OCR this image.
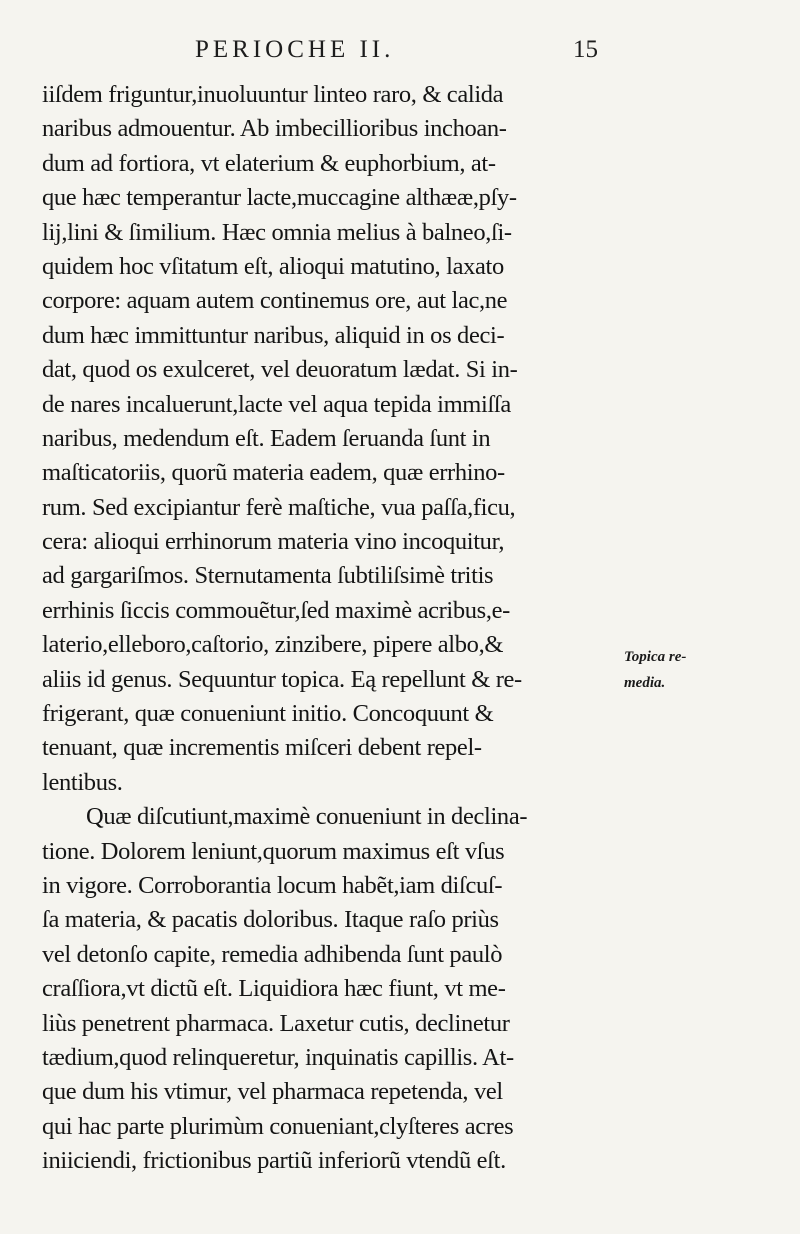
PERIOCHE II.	15
iiſdem friguntur,inuoluuntur linteo raro, & calida
naribus admouentur. Ab imbecillioribus inchoan-
dum ad fortiora, vt elaterium & euphorbium, at-
que hæc temperantur lacte,muccagine althææ,pſy-
lij,lini & ſimilium. Hæc omnia melius à balneo,ſi-
quidem hoc vſitatum eſt, alioqui matutino, laxato
corpore: aquam autem continemus ore, aut lac,ne
dum hæc immittuntur naribus, aliquid in os deci-
dat, quod os exulceret, vel deuoratum lædat. Si in-
de nares incaluerunt,lacte vel aqua tepida immiſſa
naribus, medendum eſt. Eadem ſeruanda ſunt in
maſticatoriis, quorũ materia eadem, quæ errhino-
rum. Sed excipiantur ferè maſtiche, vua paſſa,ficu,
cera: alioqui errhinorum materia vino incoquitur,
ad gargariſmos. Sternutamenta ſubtiliſsimè tritis
errhinis ſiccis commouẽtur,ſed maximè acribus,e-
laterio,elleboro,caſtorio, zinzibere, pipere albo,&
aliis id genus. Sequuntur topica. Eą repellunt & re-
frigerant, quæ conueniunt initio. Concoquunt &
tenuant, quæ incrementis miſceri debent repel-
lentibus.
Quæ diſcutiunt,maximè conueniunt in declina-
tione. Dolorem leniunt,quorum maximus eſt vſus
in vigore. Corroborantia locum habẽt,iam diſcuſ-
ſa materia, & pacatis doloribus. Itaque raſo priùs
vel detonſo capite, remedia adhibenda ſunt paulò
craſſiora,vt dictũ eſt. Liquidiora hæc fiunt, vt me-
liùs penetrent pharmaca. Laxetur cutis, declinetur
tædium,quod relinqueretur, inquinatis capillis. At-
que dum his vtimur, vel pharmaca repetenda, vel
qui hac parte plurimùm conueniant,clyſteres acres
iniiciendi, frictionibus partiũ inferiorũ vtendũ eſt.
Topica re-
media.
